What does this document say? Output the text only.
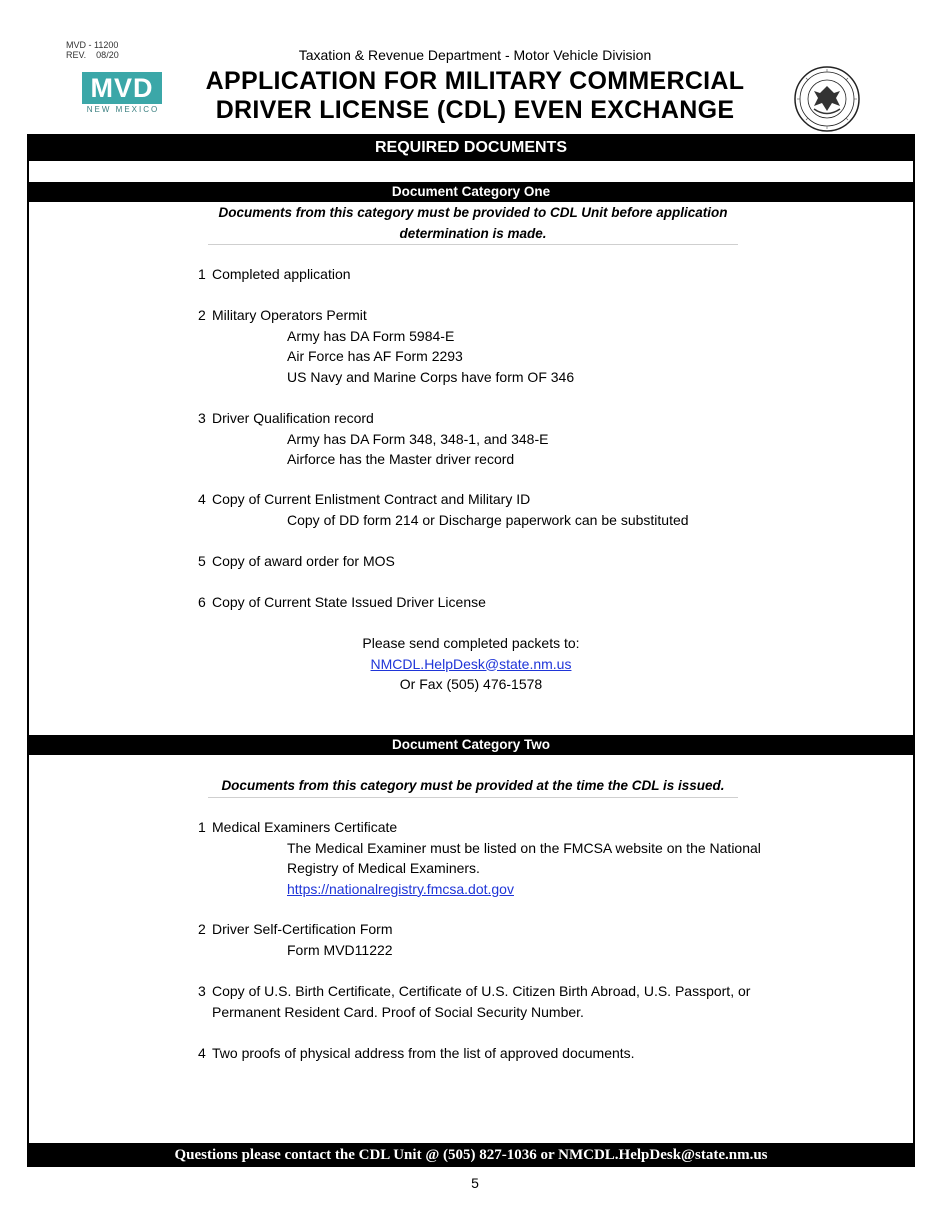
MVD - 11200
REV.    08/20
MVD
NEW MEXICO
Taxation & Revenue Department - Motor Vehicle Division
APPLICATION FOR MILITARY COMMERCIAL
DRIVER LICENSE (CDL) EVEN EXCHANGE
REQUIRED DOCUMENTS
Document Category One
Documents from this category must be provided to CDL Unit before application determination is made.
1 Completed application
2 Military Operators Permit
Army has DA Form 5984-E
Air Force has AF Form 2293
US Navy and Marine Corps have form OF 346
3 Driver Qualification record
Army has DA Form 348, 348-1, and 348-E
Airforce has the Master driver record
4 Copy of Current Enlistment Contract and Military ID
Copy of DD form 214 or Discharge paperwork can be substituted
5 Copy of award order for MOS
6 Copy of Current State Issued Driver License
Please send completed packets to:
NMCDL.HelpDesk@state.nm.us
Or Fax (505) 476-1578
Document Category Two
Documents from this category must be provided at the time the CDL is issued.
1 Medical Examiners Certificate
The Medical Examiner must be listed on the FMCSA website on the National Registry of Medical Examiners.
https://nationalregistry.fmcsa.dot.gov
2 Driver Self-Certification Form
Form MVD11222
3 Copy of U.S. Birth Certificate, Certificate of U.S. Citizen Birth Abroad, U.S. Passport, or Permanent Resident Card. Proof of Social Security Number.
4 Two proofs of physical address from the list of approved documents.
Questions please contact the CDL Unit @ (505) 827-1036 or NMCDL.HelpDesk@state.nm.us
5
